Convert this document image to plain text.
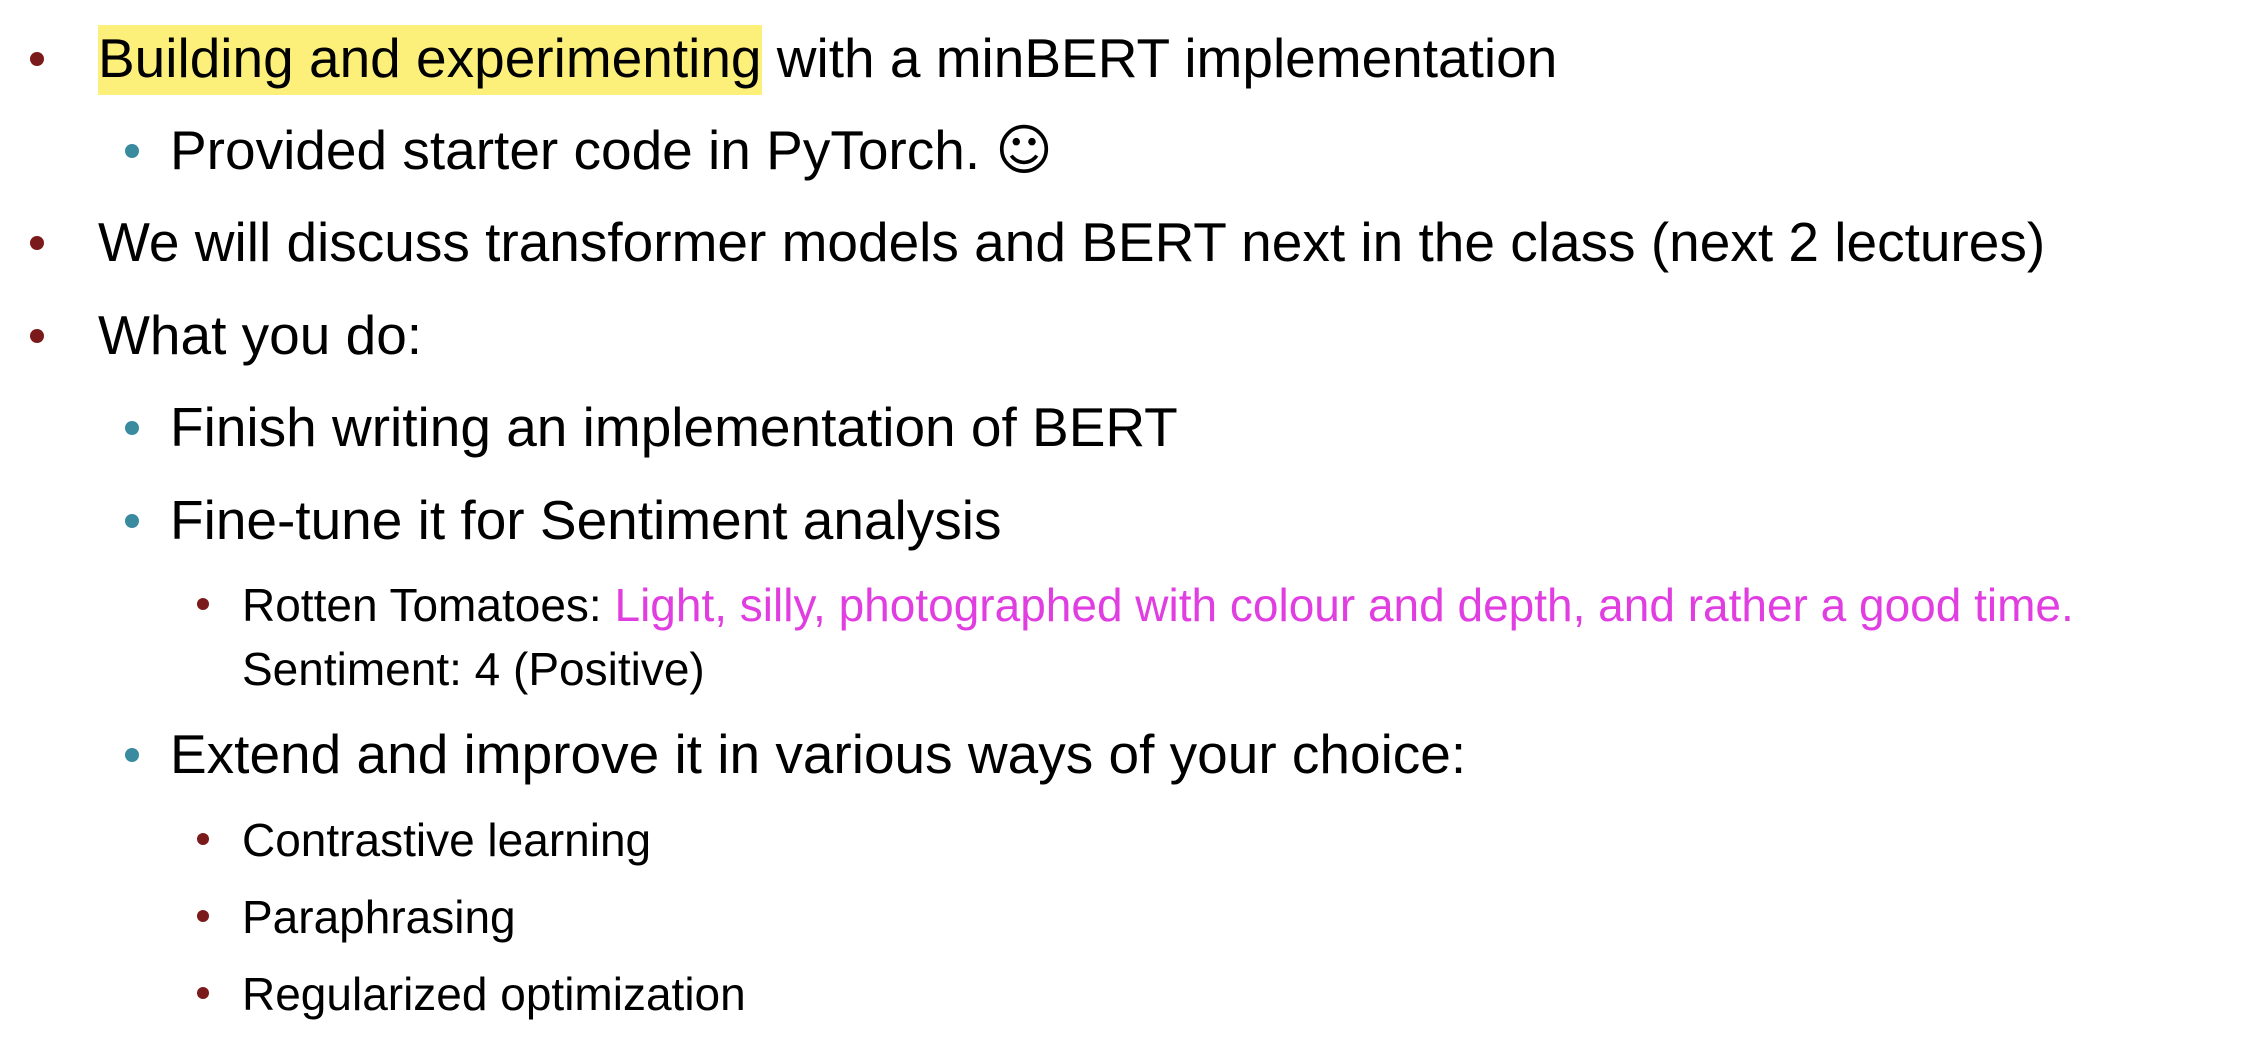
Building and experimenting with a minBERT implementation
Provided starter code in PyTorch. ☺
We will discuss transformer models and BERT next in the class (next 2 lectures)
What you do:
Finish writing an implementation of BERT
Fine-tune it for Sentiment analysis
Rotten Tomatoes: Light, silly, photographed with colour and depth, and rather a good time.
Sentiment: 4 (Positive)
Extend and improve it in various ways of your choice:
Contrastive learning
Paraphrasing
Regularized optimization
